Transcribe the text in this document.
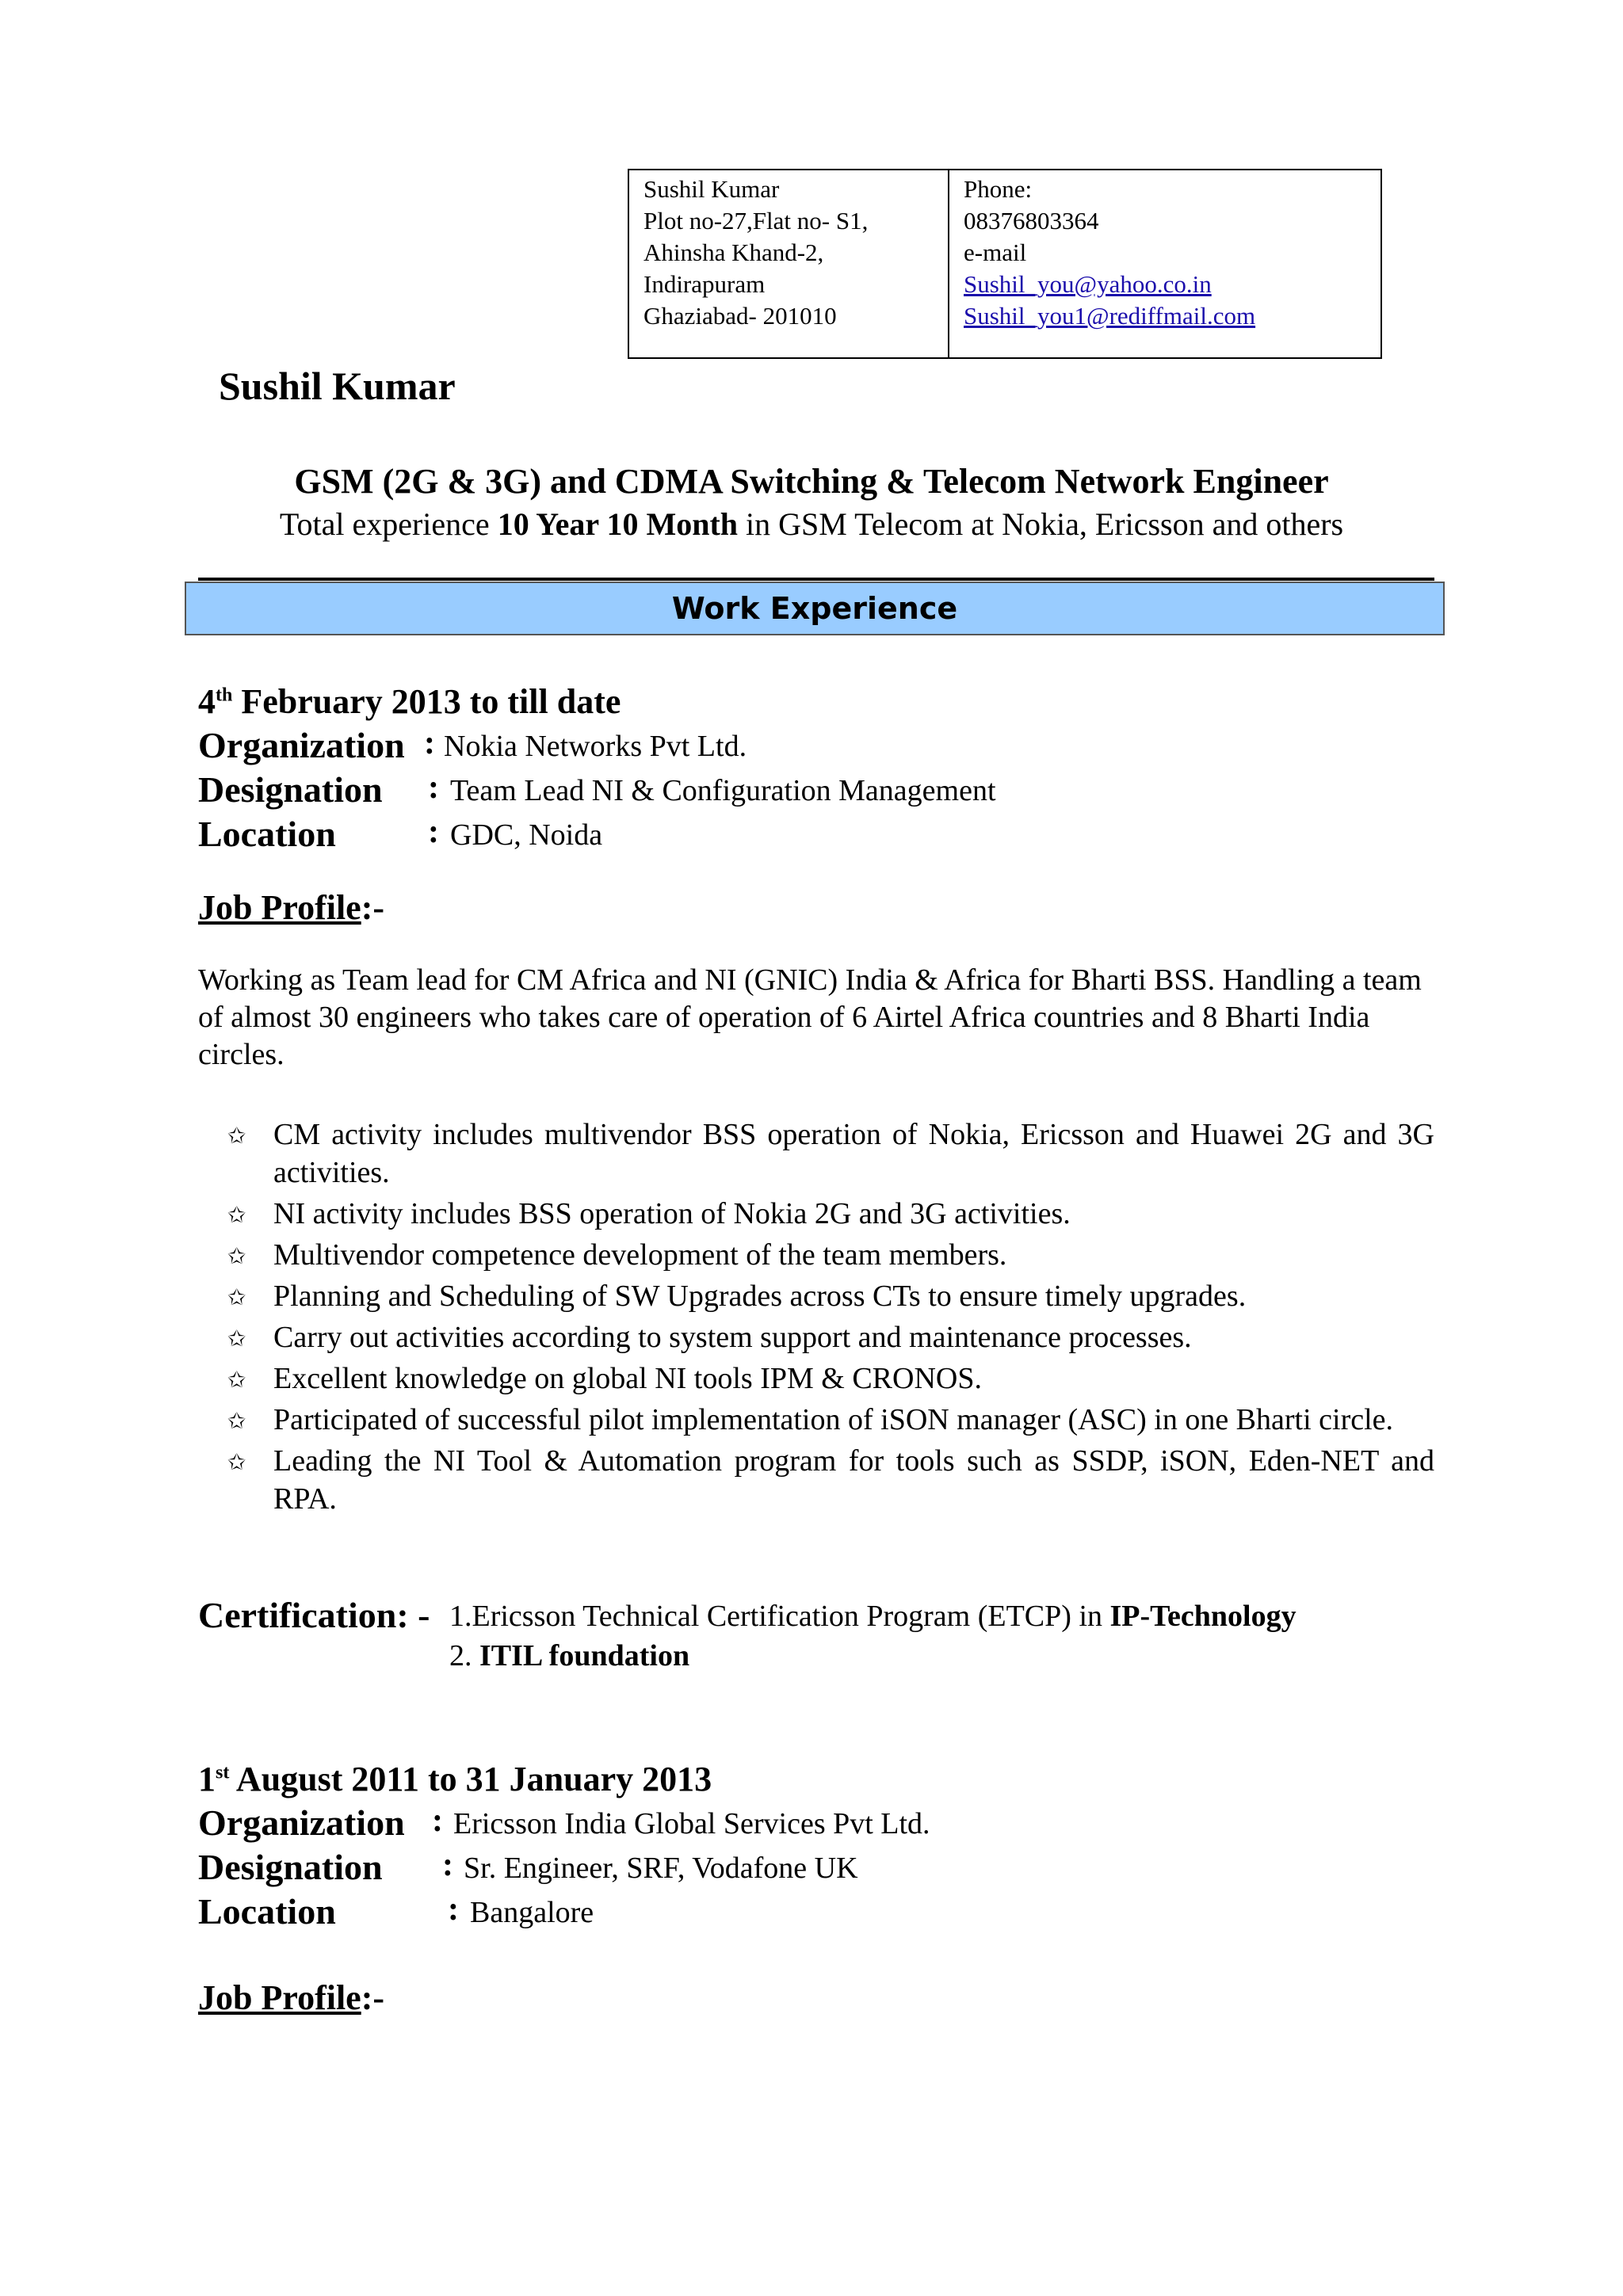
Sushil Kumar
Plot no-27,Flat no- S1,
Ahinsha Khand-2,
Indirapuram
Ghaziabad- 201010
Phone:
08376803364
e-mail
Sushil_you@yahoo.co.in
Sushil_you1@rediffmail.com
Sushil Kumar
GSM (2G & 3G) and CDMA Switching & Telecom Network Engineer
Total experience 10 Year 10 Month in GSM Telecom at Nokia, Ericsson and others
Work Experience
4th February 2013 to till date
Organization : Nokia Networks Pvt Ltd.
Designation : Team Lead NI & Configuration Management
Location	: GDC, Noida
Job Profile:-
Working as Team lead for CM Africa and NI (GNIC) India & Africa for Bharti BSS. Handling a team of almost 30 engineers who takes care of operation of 6 Airtel Africa countries and 8 Bharti India circles.
✩ CM activity includes multivendor BSS operation of Nokia, Ericsson and Huawei 2G and 3G activities.
✩ NI activity includes BSS operation of Nokia 2G and 3G activities.
✩ Multivendor competence development of the team members.
✩ Planning and Scheduling of SW Upgrades across CTs to ensure timely upgrades.
✩ Carry out activities according to system support and maintenance processes.
✩ Excellent knowledge on global NI tools IPM & CRONOS.
✩ Participated of successful pilot implementation of iSON manager (ASC) in one Bharti circle.
✩ Leading the NI Tool & Automation program for tools such as SSDP, iSON, Eden-NET and RPA.
Certification: - 1.Ericsson Technical Certification Program (ETCP) in IP-Technology
2. ITIL foundation
1st August 2011 to 31 January 2013
Organization : Ericsson India Global Services Pvt Ltd.
Designation : Sr. Engineer, SRF, Vodafone UK
Location	: Bangalore
Job Profile:-
